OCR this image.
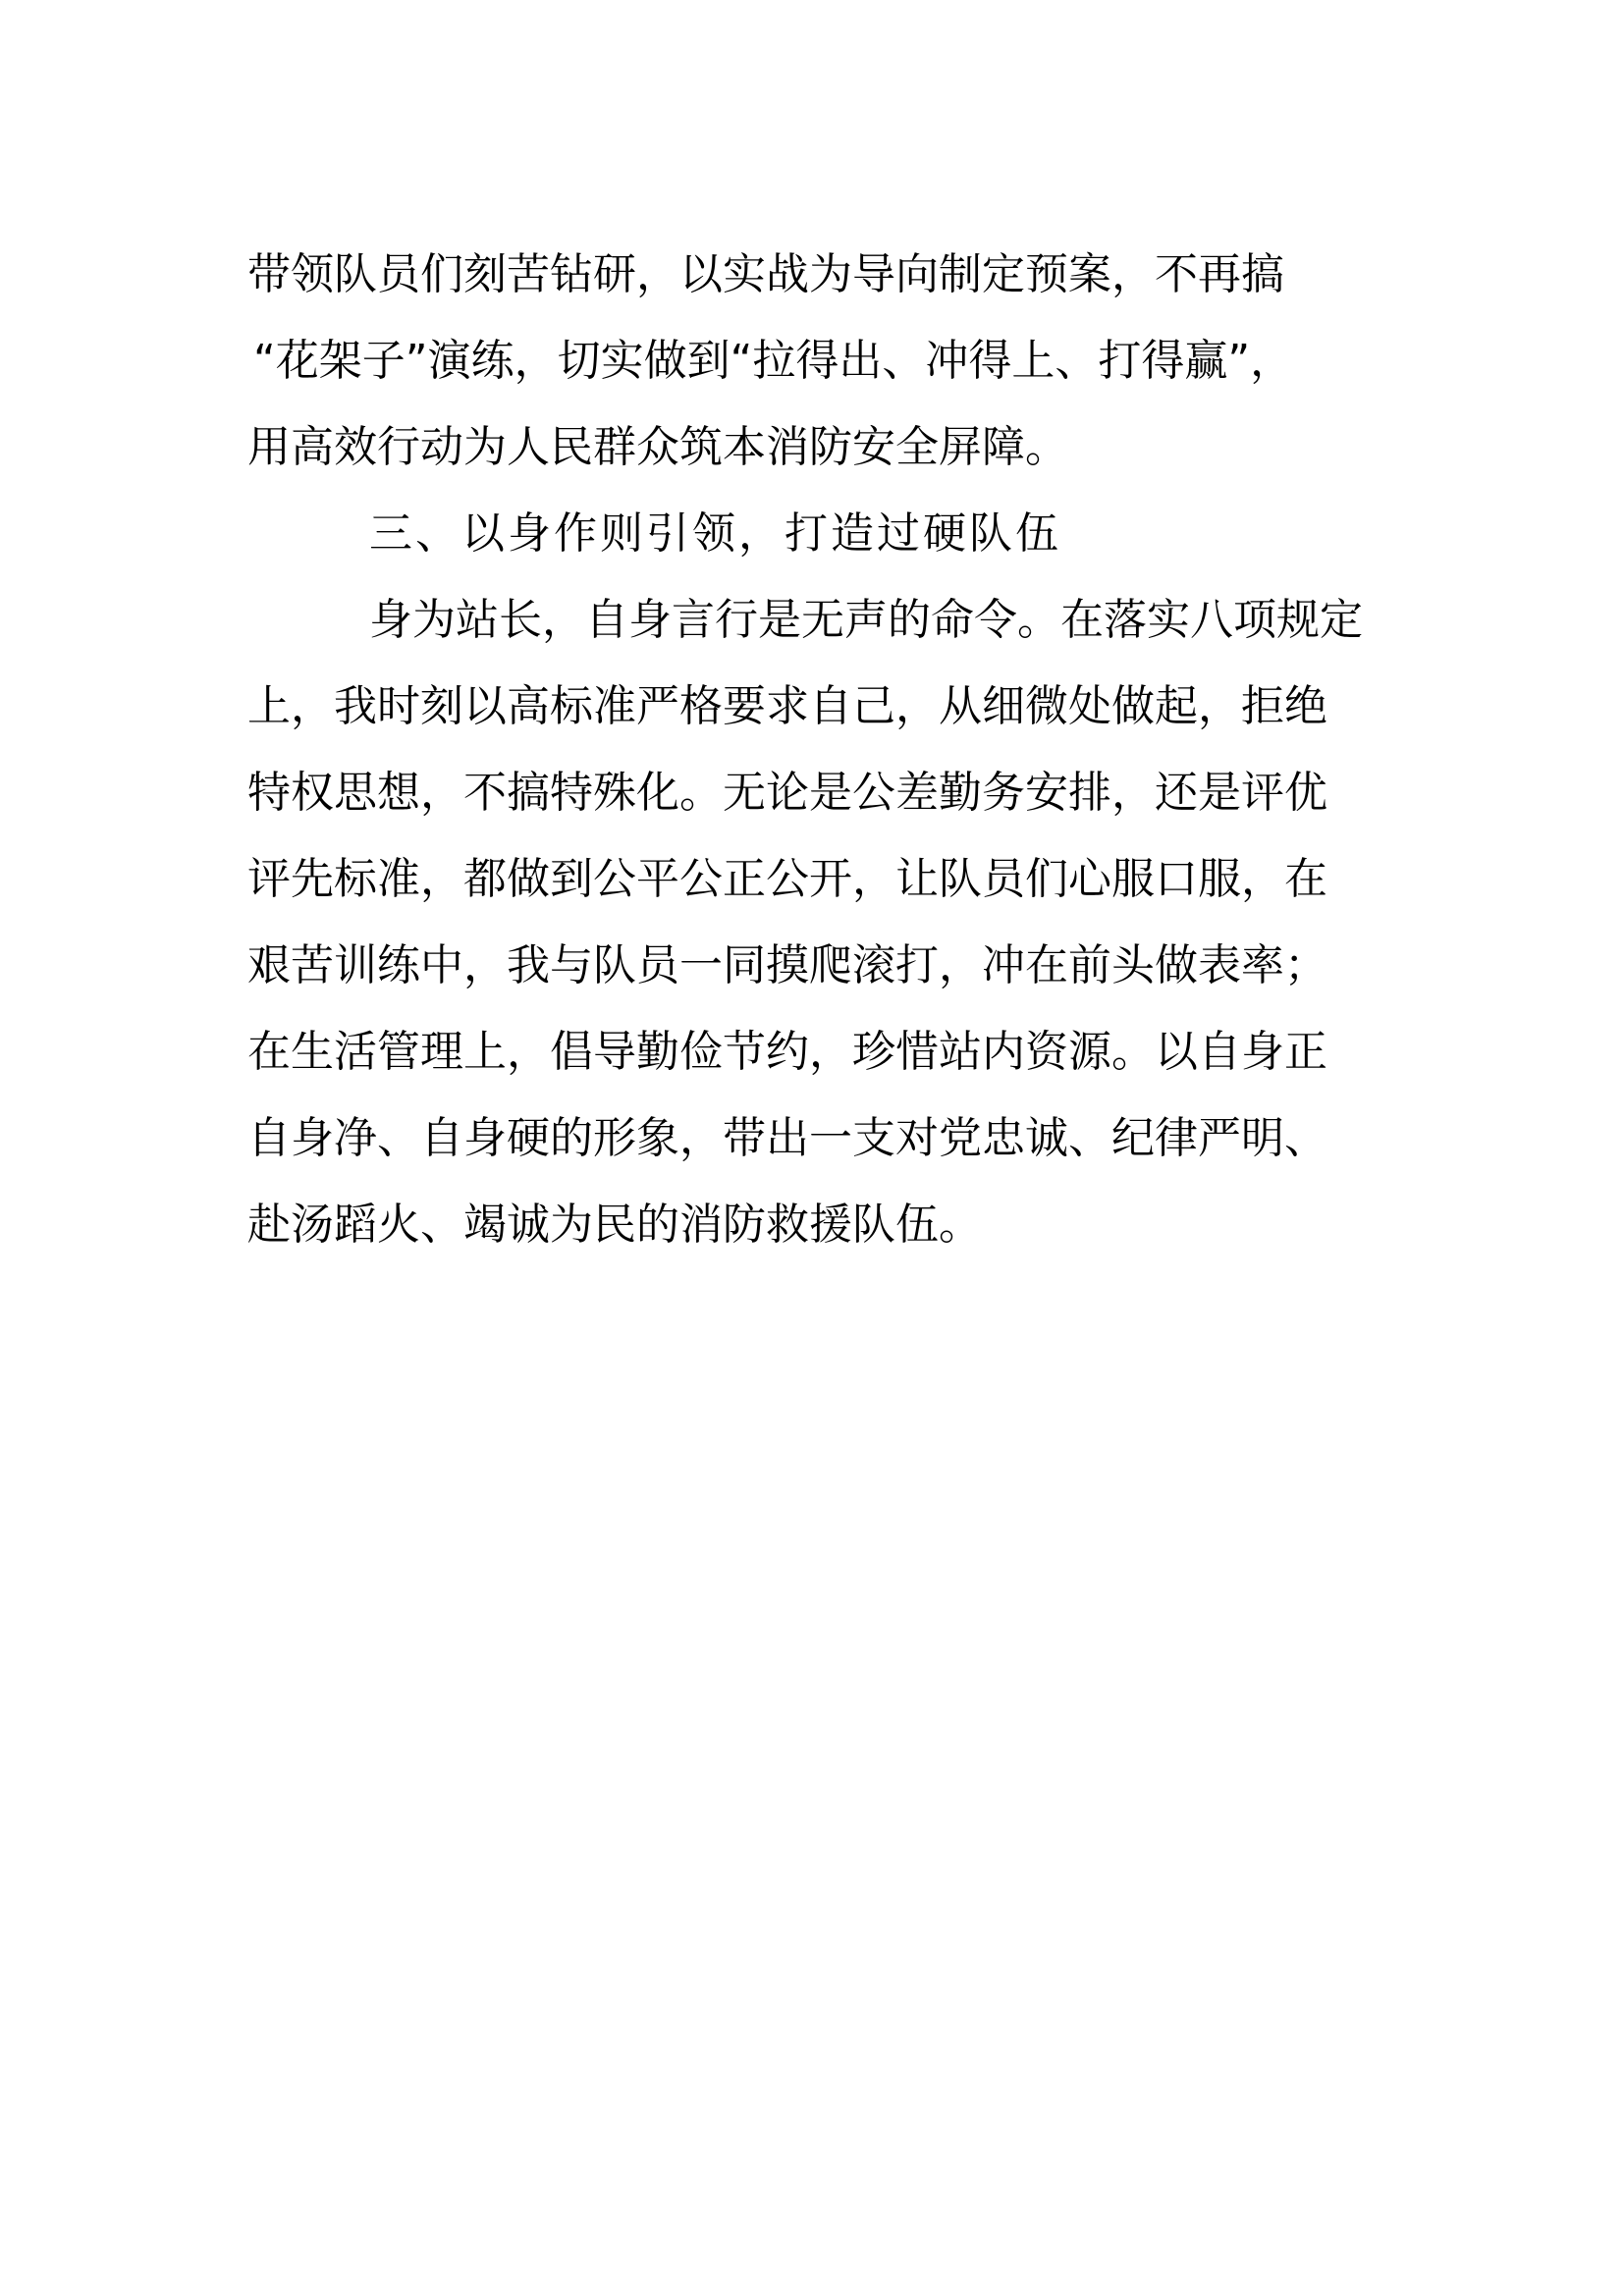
带领队员们刻苦钻研，以实战为导向制定预案，不再搞
“花架子”演练，切实做到“拉得出、冲得上、打得赢”，
用高效行动为人民群众筑本消防安全屏障。
三、以身作则引领，打造过硬队伍
身为站长，自身言行是无声的命令。在落实八项规定
上，我时刻以高标准严格要求自己，从细微处做起，拒绝
特权思想，不搞特殊化。无论是公差勤务安排，还是评优
评先标准，都做到公平公正公开，让队员们心服口服，在
艰苦训练中，我与队员一同摸爬滚打，冲在前头做表率；
在生活管理上，倡导勤俭节约，珍惜站内资源。以自身正
自身净、自身硬的形象，带出一支对党忠诚、纪律严明、
赴汤蹈火、竭诚为民的消防救援队伍。
